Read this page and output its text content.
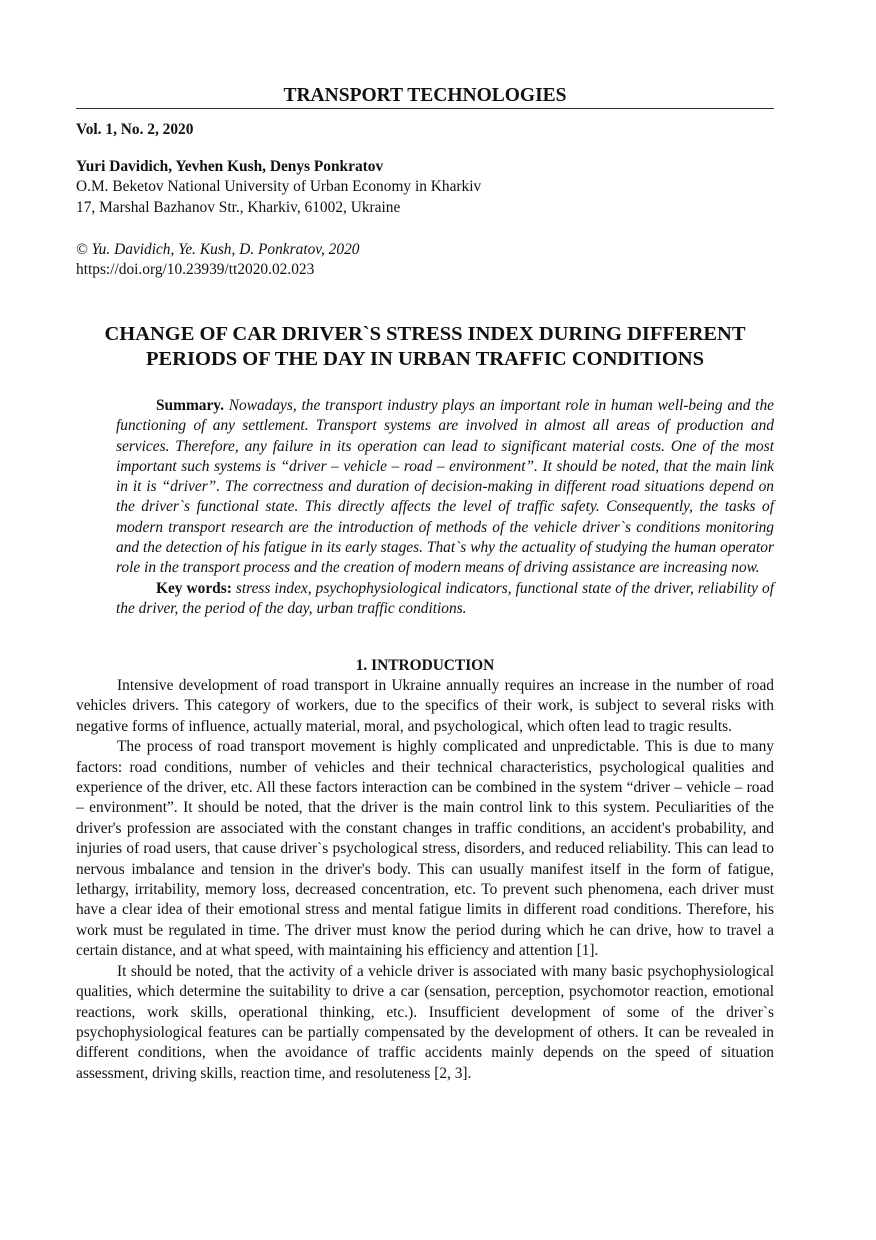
TRANSPORT TECHNOLOGIES
Vol. 1, No. 2, 2020
Yuri Davidich, Yevhen Kush, Denys Ponkratov
O.M. Beketov National University of Urban Economy in Kharkiv
17, Marshal Bazhanov Str., Kharkiv, 61002, Ukraine
© Yu. Davidich, Ye. Kush, D. Ponkratov, 2020
https://doi.org/10.23939/tt2020.02.023
CHANGE OF CAR DRIVER`S STRESS INDEX DURING DIFFERENT
PERIODS OF THE DAY IN URBAN TRAFFIC CONDITIONS

Summary. Nowadays, the transport industry plays an important role in human well-being and the functioning of any settlement. Transport systems are involved in almost all areas of production and services. Therefore, any failure in its operation can lead to significant material costs. One of the most important such systems is “driver – vehicle – road – environment”. It should be noted, that the main link in it is “driver”. The correctness and duration of decision-making in different road situations depend on the driver`s functional state. This directly affects the level of traffic safety. Consequently, the tasks of modern transport research are the introduction of methods of the vehicle driver`s conditions monitoring and the detection of his fatigue in its early stages. That`s why the actuality of studying the human operator role in the transport process and the creation of modern means of driving assistance are increasing now.

Key words: stress index, psychophysiological indicators, functional state of the driver, reliability of the driver, the period of the day, urban traffic conditions.

1. INTRODUCTION

Intensive development of road transport in Ukraine annually requires an increase in the number of road vehicles drivers. This category of workers, due to the specifics of their work, is subject to several risks with negative forms of influence, actually material, moral, and psychological, which often lead to tragic results.

The process of road transport movement is highly complicated and unpredictable. This is due to many factors: road conditions, number of vehicles and their technical characteristics, psychological qualities and experience of the driver, etc. All these factors interaction can be combined in the system “driver – vehicle – road – environment”. It should be noted, that the driver is the main control link to this system. Peculiarities of the driver's profession are associated with the constant changes in traffic conditions, an accident's probability, and injuries of road users, that cause driver`s psychological stress, disorders, and reduced reliability. This can lead to nervous imbalance and tension in the driver's body. This can usually manifest itself in the form of fatigue, lethargy, irritability, memory loss, decreased concentration, etc. To prevent such phenomena, each driver must have a clear idea of their emotional stress and mental fatigue limits in different road conditions. Therefore, his work must be regulated in time. The driver must know the period during which he can drive, how to travel a certain distance, and at what speed, with maintaining his efficiency and attention [1].

It should be noted, that the activity of a vehicle driver is associated with many basic psychophysiological qualities, which determine the suitability to drive a car (sensation, perception, psychomotor reaction, emotional reactions, work skills, operational thinking, etc.). Insufficient development of some of the driver`s psychophysiological features can be partially compensated by the development of others. It can be revealed in different conditions, when the avoidance of traffic accidents mainly depends on the speed of situation assessment, driving skills, reaction time, and resoluteness [2, 3].
